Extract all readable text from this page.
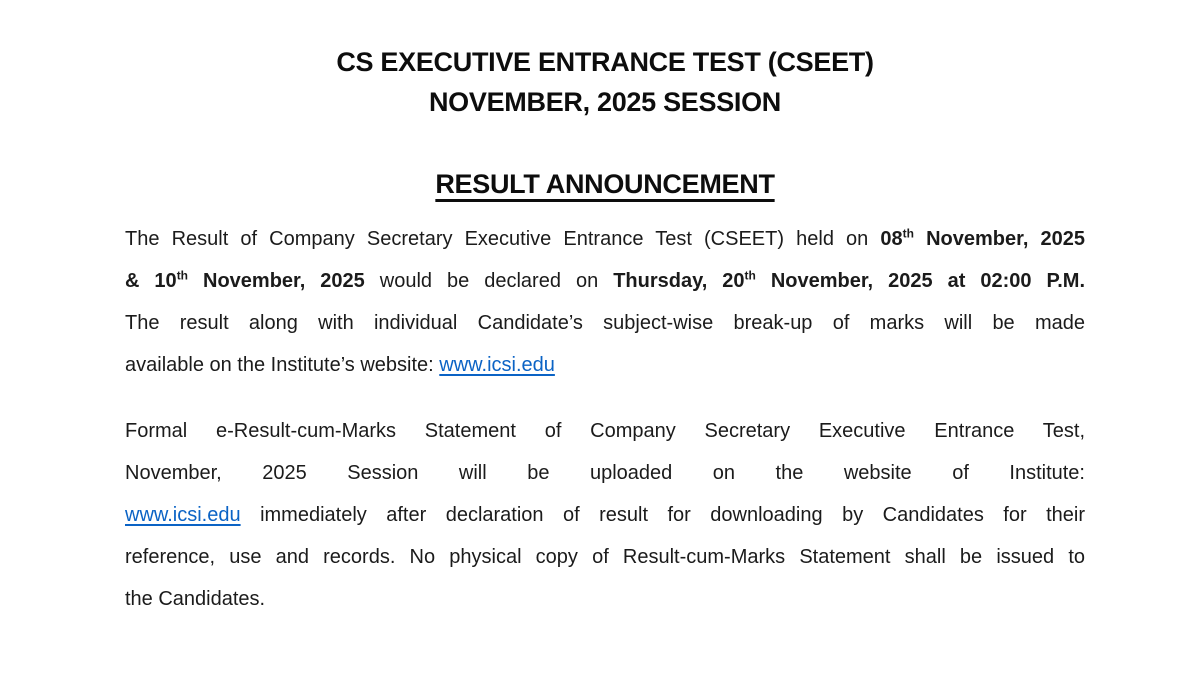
CS EXECUTIVE ENTRANCE TEST (CSEET)
NOVEMBER, 2025 SESSION
RESULT ANNOUNCEMENT
The Result of Company Secretary Executive Entrance Test (CSEET) held on 08th November, 2025
& 10th November, 2025 would be declared on Thursday, 20th November, 2025 at 02:00 P.M.
The result along with individual Candidate’s subject-wise break-up of marks will be made
available on the Institute’s website: www.icsi.edu
Formal e-Result-cum-Marks Statement of Company Secretary Executive Entrance Test,
November, 2025 Session will be uploaded on the website of Institute:
www.icsi.edu immediately after declaration of result for downloading by Candidates for their
reference, use and records. No physical copy of Result-cum-Marks Statement shall be issued to
the Candidates.
